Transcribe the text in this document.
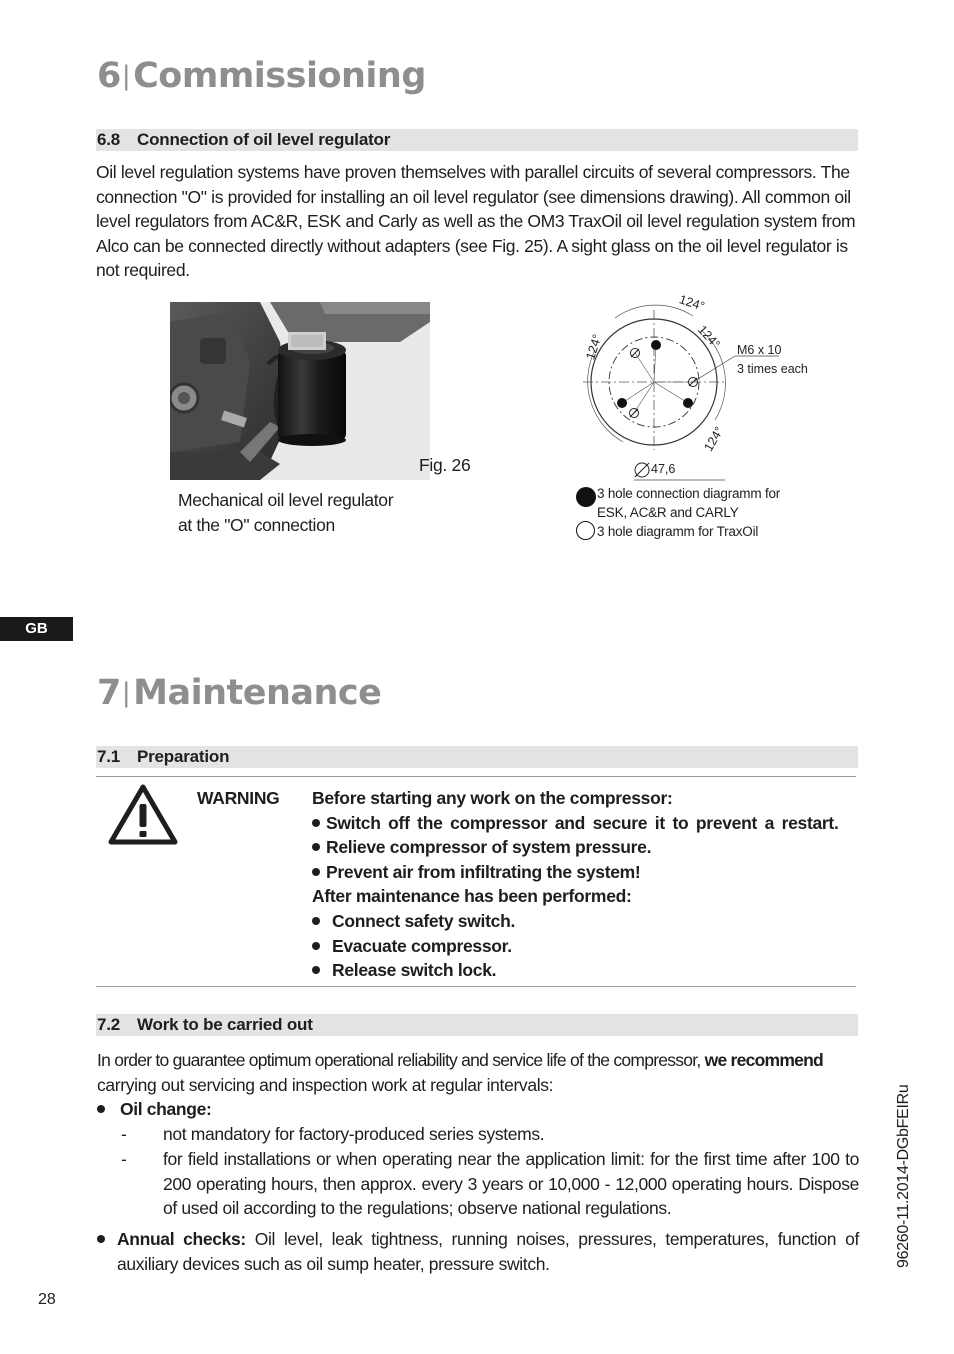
6|Commissioning
6.8 Connection of oil level regulator
Oil level regulation systems have proven themselves with parallel circuits of several compressors. The connection "O" is provided for installing an oil level regulator (see dimensions drawing). All common oil level regulators from AC&R, ESK and Carly as well as the OM3 TraxOil oil level regulation system from Alco can be connected directly without adapters (see Fig. 25). A sight glass on the oil level regulator is not required.
Fig. 26
Mechanical oil level regulator
at the "O" connection
124°
124°
124°
124°
M6 x 10
3 times each
47,6
3 hole connection diagramm for
ESK, AC&R and CARLY
3 hole diagramm for TraxOil
GB
7|Maintenance
7.1 Preparation
WARNING Before starting any work on the compressor:
Switch off the compressor and secure it to prevent a restart.
Relieve compressor of system pressure.
Prevent air from infiltrating the system!
After maintenance has been performed:
Connect safety switch.
Evacuate compressor.
Release switch lock.
7.2 Work to be carried out
In order to guarantee optimum operational reliability and service life of the compressor, we recommend
carrying out servicing and inspection work at regular intervals:
Oil change:
- not mandatory for factory-produced series systems.
- for field installations or when operating near the application limit: for the first time after 100 to 200 operating hours, then approx. every 3 years or 10,000 - 12,000 operating hours. Dispose of used oil according to the regulations; observe national regulations.
Annual checks: Oil level, leak tightness, running noises, pressures, temperatures, function of auxiliary devices such as oil sump heater, pressure switch.
28
96260-11.2014-DGbFEIRu
